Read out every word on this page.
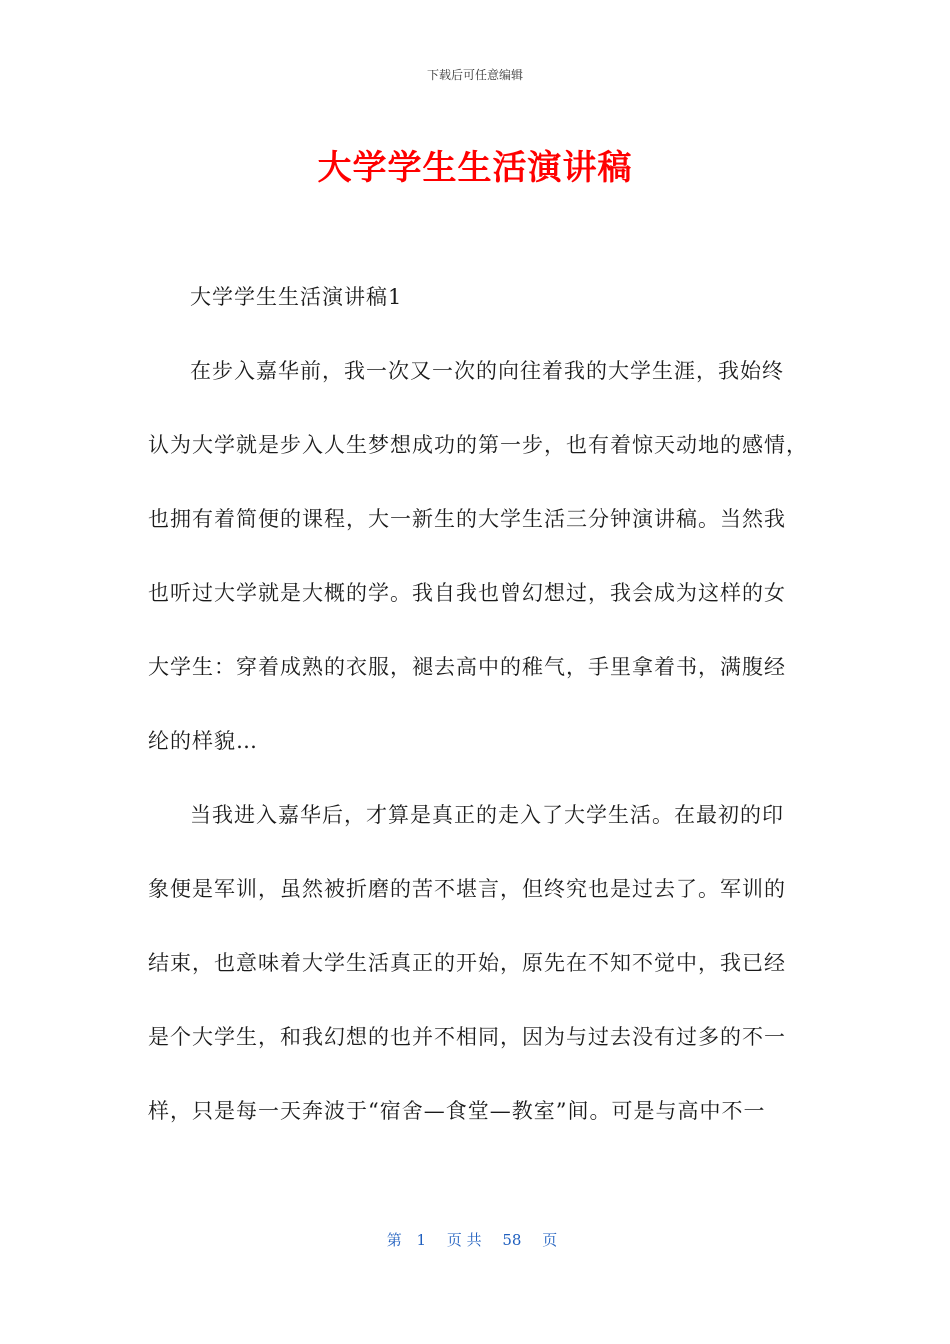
下载后可任意编辑
大学学生生活演讲稿
大学学生生活演讲稿1
在步入嘉华前，我一次又一次的向往着我的大学生涯，我始终
认为大学就是步入人生梦想成功的第一步，也有着惊天动地的感情，
也拥有着简便的课程，大一新生的大学生活三分钟演讲稿。当然我
也听过大学就是大概的学。我自我也曾幻想过，我会成为这样的女
大学生：穿着成熟的衣服，褪去高中的稚气，手里拿着书，满腹经
纶的样貌…
当我进入嘉华后，才算是真正的走入了大学生活。在最初的印
象便是军训，虽然被折磨的苦不堪言，但终究也是过去了。军训的
结束，也意味着大学生活真正的开始，原先在不知不觉中，我已经
是个大学生，和我幻想的也并不相同，因为与过去没有过多的不一
样，只是每一天奔波于“宿舍—食堂—教室”间。可是与高中不一
第 1 页 共 58 页
